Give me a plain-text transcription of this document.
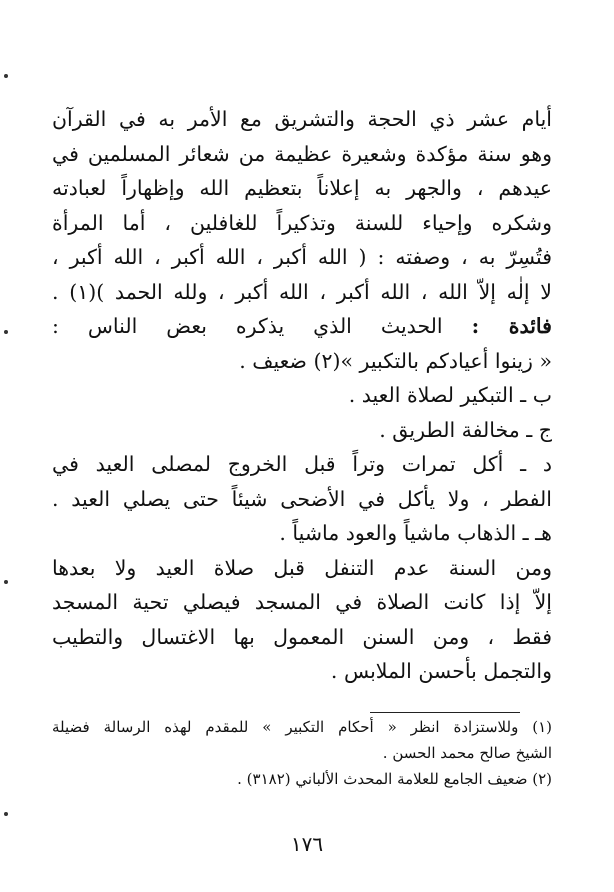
أيام عشر ذي الحجة والتشريق مع الأمر به في القرآن
وهو سنة مؤكدة وشعيرة عظيمة من شعائر المسلمين في
عيدهم ، والجهر به إعلاناً بتعظيم الله وإظهاراً لعبادته
وشكره وإحياء للسنة وتذكيراً للغافلين ، أما المرأة
فتُسِرّ به ، وصفته : ( الله أكبر ، الله أكبر ، الله أكبر ،
لا إلٰه إلاّ الله ، الله أكبر ، الله أكبر ، ولله الحمد )(١) .
فائدة : الحديث الذي يذكره بعض الناس :
« زينوا أعيادكم بالتكبير »(٢) ضعيف .
ب ـ التبكير لصلاة العيد .
ج ـ مخالفة الطريق .
د ـ أكل تمرات وتراً قبل الخروج لمصلى العيد في
الفطر ، ولا يأكل في الأضحى شيئاً حتى يصلي العيد .
هـ ـ الذهاب ماشياً والعود ماشياً .
ومن السنة عدم التنفل قبل صلاة العيد ولا بعدها
إلاّ إذا كانت الصلاة في المسجد فيصلي تحية المسجد
فقط ، ومن السنن المعمول بها الاغتسال والتطيب
والتجمل بأحسن الملابس .
(١) وللاستزادة انظر « أحكام التكبير » للمقدم لهذه الرسالة فضيلة
الشيخ صالح محمد الحسن .
(٢) ضعيف الجامع للعلامة المحدث الألباني (٣١٨٢) .
١٧٦
